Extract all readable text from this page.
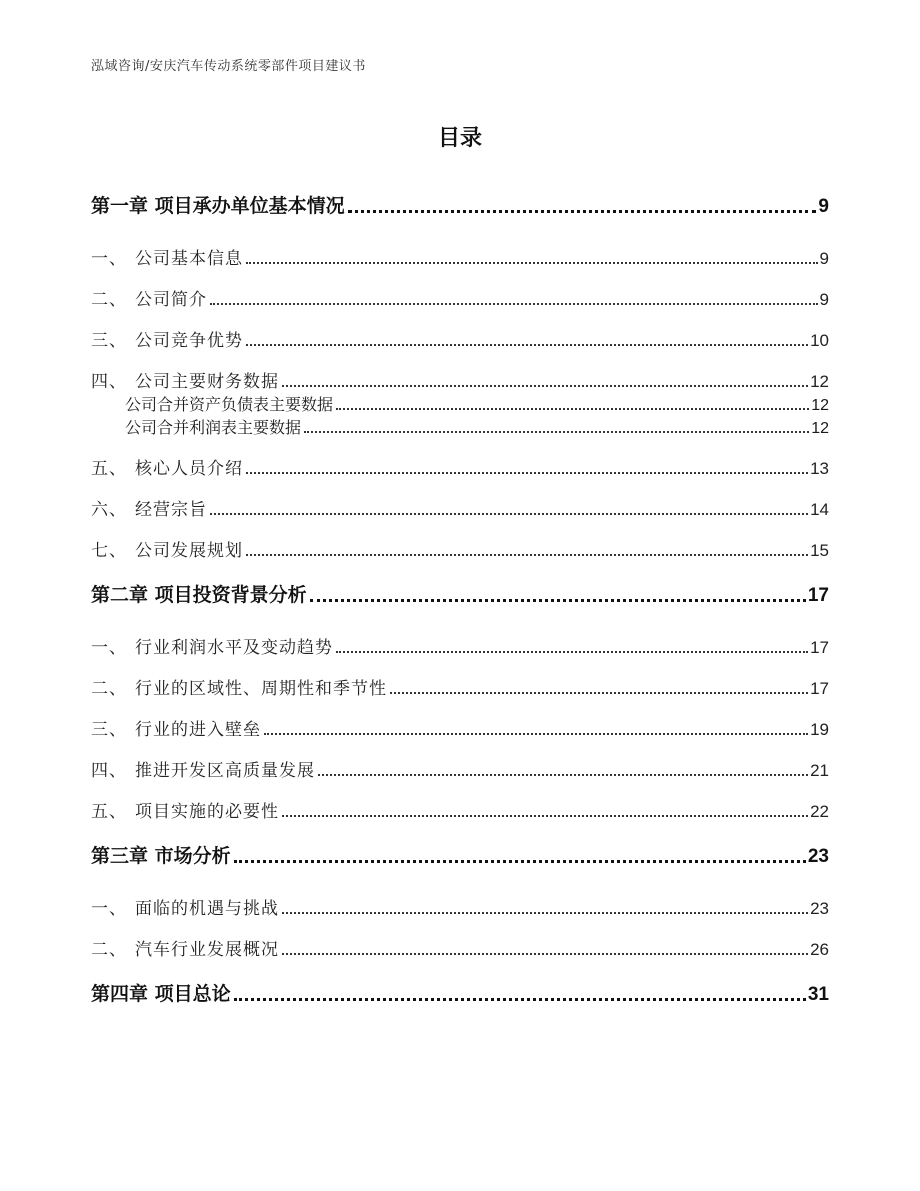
泓域咨询/安庆汽车传动系统零部件项目建议书
目录
第一章 项目承办单位基本情况	9
一、 公司基本信息	9
二、 公司简介	9
三、 公司竞争优势	10
四、 公司主要财务数据	12
公司合并资产负债表主要数据	12
公司合并利润表主要数据	12
五、 核心人员介绍	13
六、 经营宗旨	14
七、 公司发展规划	15
第二章 项目投资背景分析	17
一、 行业利润水平及变动趋势	17
二、 行业的区域性、周期性和季节性	17
三、 行业的进入壁垒	19
四、 推进开发区高质量发展	21
五、 项目实施的必要性	22
第三章 市场分析	23
一、 面临的机遇与挑战	23
二、 汽车行业发展概况	26
第四章 项目总论	31
